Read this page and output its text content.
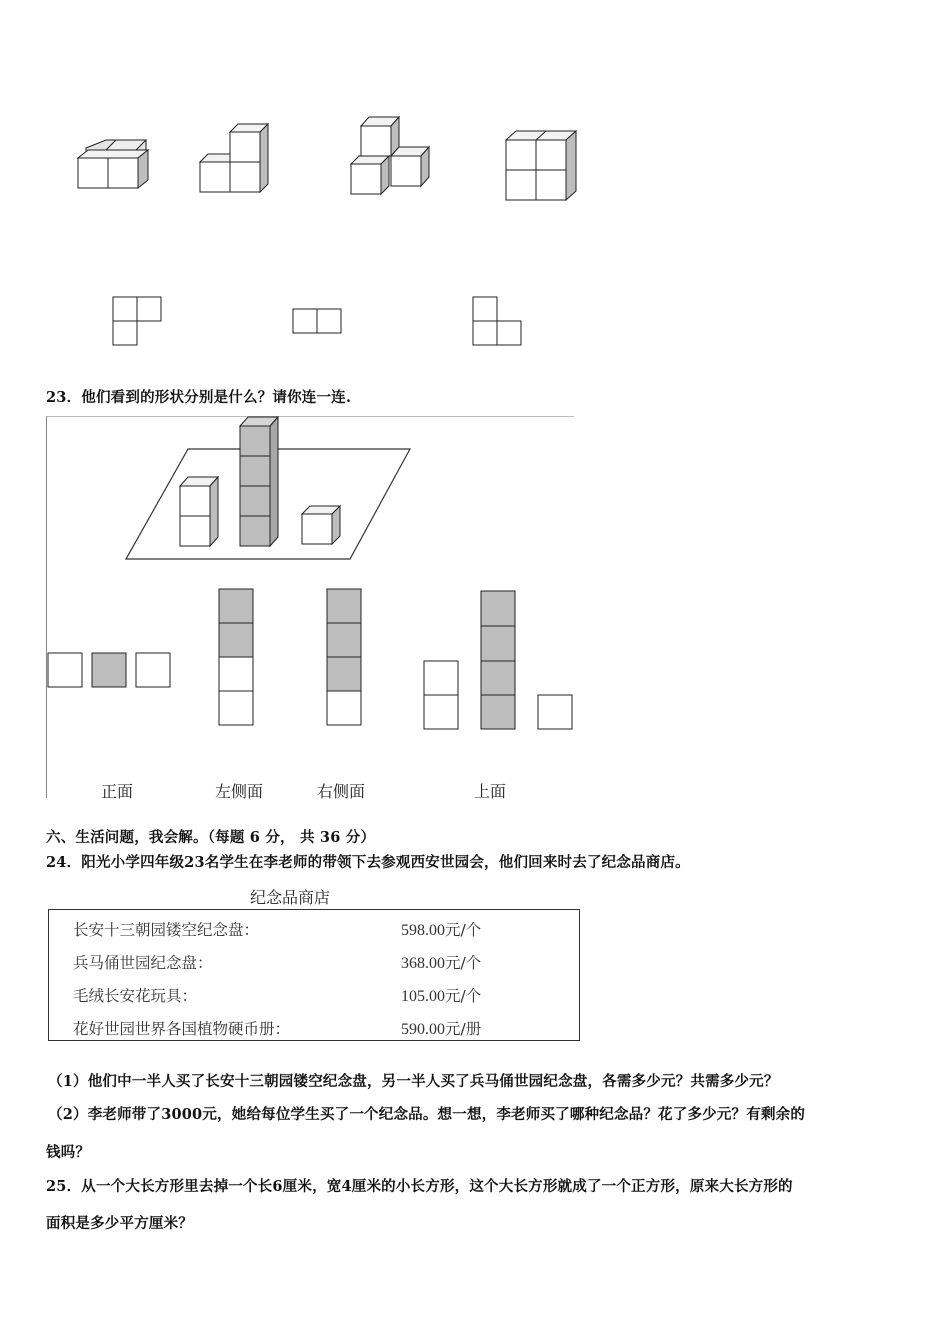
23．他们看到的形状分别是什么？请你连一连.
正面	左侧面	右侧面	上面
六、生活问题，我会解。（每题 6 分， 共 36 分）
24．阳光小学四年级23名学生在李老师的带领下去参观西安世园会，他们回来时去了纪念品商店。
纪念品商店
长安十三朝园镂空纪念盘：	598.00元/个
兵马俑世园纪念盘：	368.00元/个
毛绒长安花玩具：	105.00元/个
花好世园世界各国植物硬币册：	590.00元/册
（1）他们中一半人买了长安十三朝园镂空纪念盘，另一半人买了兵马俑世园纪念盘，各需多少元？共需多少元？
（2）李老师带了3000元，她给每位学生买了一个纪念品。想一想，李老师买了哪种纪念品？花了多少元？有剩余的
钱吗？
25．从一个大长方形里去掉一个长6厘米，宽4厘米的小长方形，这个大长方形就成了一个正方形，原来大长方形的
面积是多少平方厘米？
